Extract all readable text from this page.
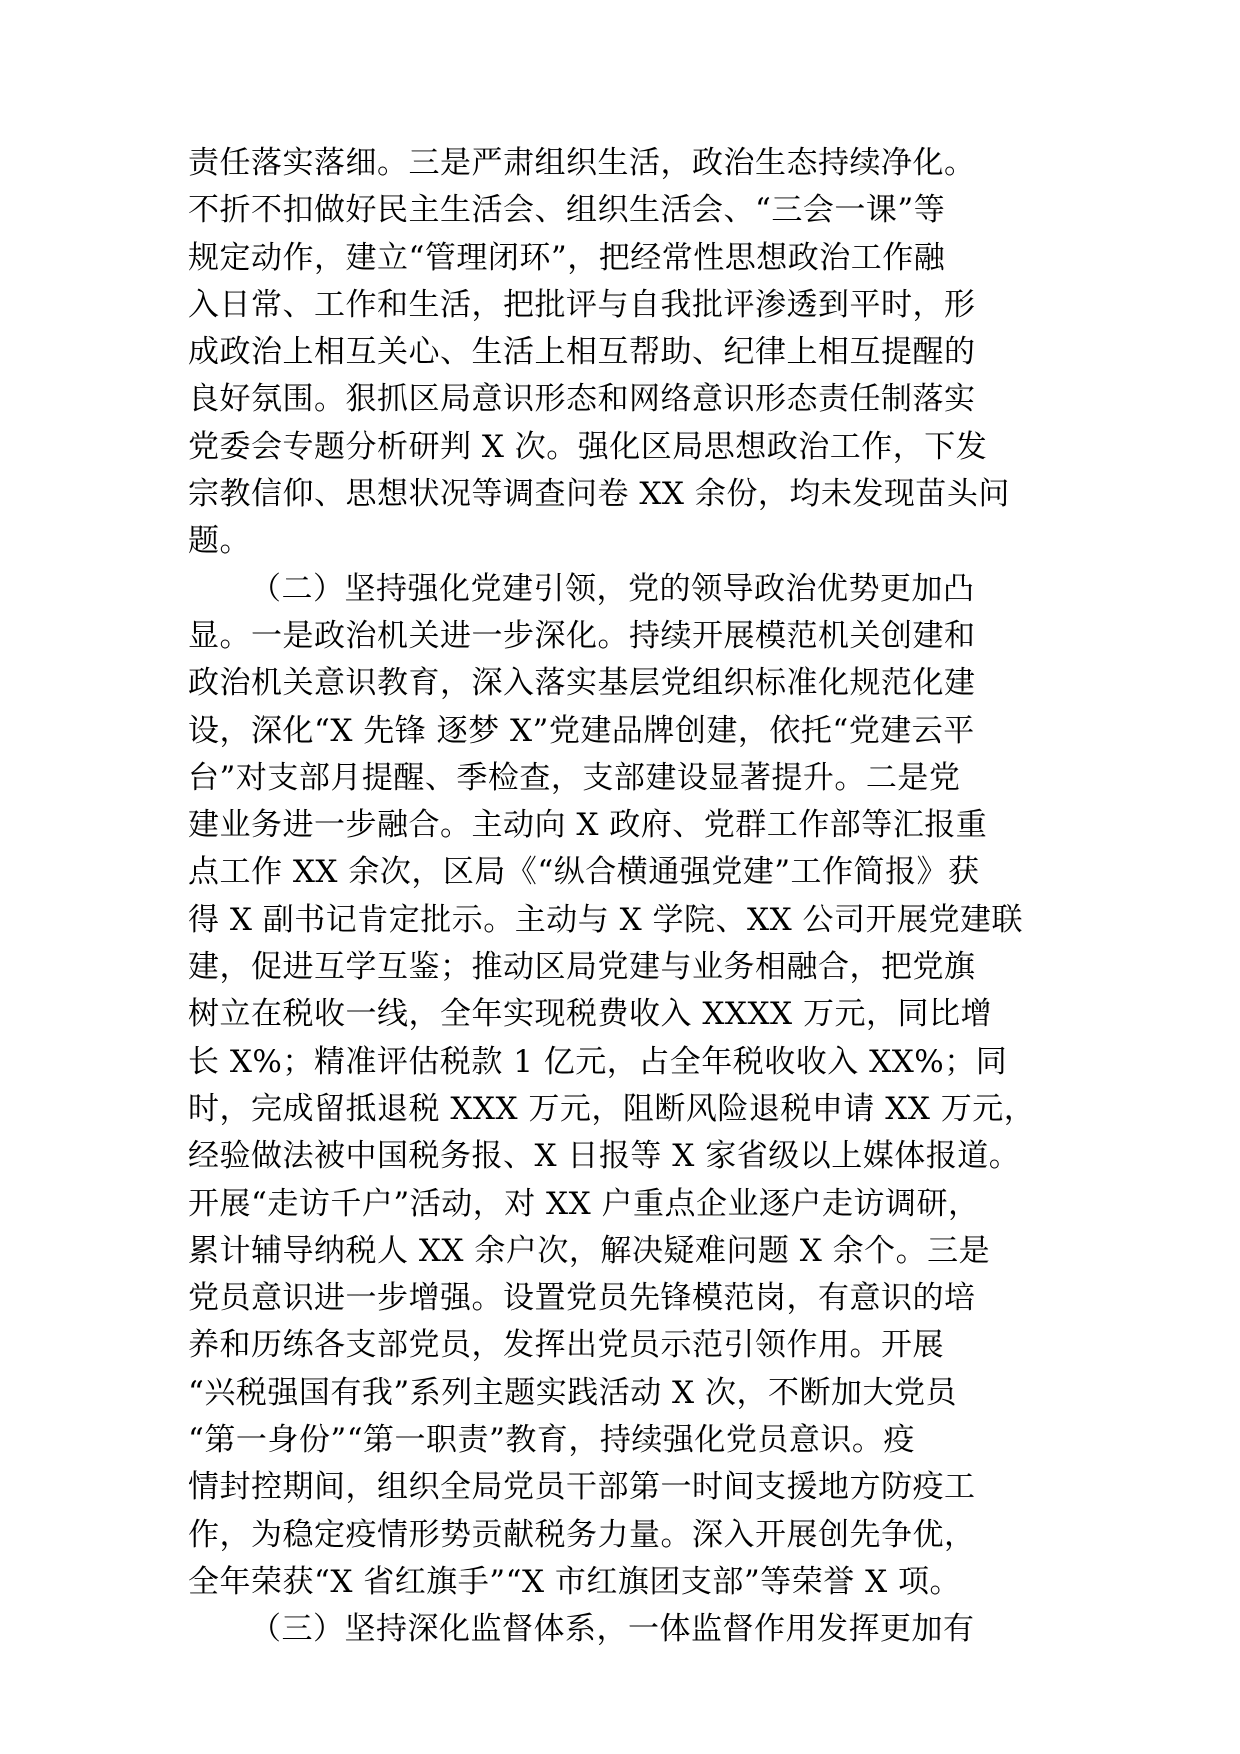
责任落实落细。三是严肃组织生活，政治生态持续净化。
不折不扣做好民主生活会、组织生活会、“三会一课”等
规定动作，建立“管理闭环”，把经常性思想政治工作融
入日常、工作和生活，把批评与自我批评渗透到平时，形
成政治上相互关心、生活上相互帮助、纪律上相互提醒的
良好氛围。狠抓区局意识形态和网络意识形态责任制落实
党委会专题分析研判 X 次。强化区局思想政治工作，下发
宗教信仰、思想状况等调查问卷 XX 余份，均未发现苗头问
题。
（二）坚持强化党建引领，党的领导政治优势更加凸
显。一是政治机关进一步深化。持续开展模范机关创建和
政治机关意识教育，深入落实基层党组织标准化规范化建
设，深化“X 先锋 逐梦 X”党建品牌创建，依托“党建云平
台”对支部月提醒、季检查，支部建设显著提升。二是党
建业务进一步融合。主动向 X 政府、党群工作部等汇报重
点工作 XX 余次，区局《“纵合横通强党建”工作简报》获
得 X 副书记肯定批示。主动与 X 学院、XX 公司开展党建联
建，促进互学互鉴；推动区局党建与业务相融合，把党旗
树立在税收一线，全年实现税费收入 XXXX 万元，同比增
长 X%；精准评估税款 1 亿元，占全年税收收入 XX%；同
时，完成留抵退税 XXX 万元，阻断风险退税申请 XX 万元，
经验做法被中国税务报、X 日报等 X 家省级以上媒体报道。
开展“走访千户”活动，对 XX 户重点企业逐户走访调研，
累计辅导纳税人 XX 余户次，解决疑难问题 X 余个。三是
党员意识进一步增强。设置党员先锋模范岗，有意识的培
养和历练各支部党员，发挥出党员示范引领作用。开展
“兴税强国有我”系列主题实践活动 X 次，不断加大党员
“第一身份”“第一职责”教育，持续强化党员意识。疫
情封控期间，组织全局党员干部第一时间支援地方防疫工
作，为稳定疫情形势贡献税务力量。深入开展创先争优，
全年荣获“X 省红旗手”“X 市红旗团支部”等荣誉 X 项。
（三）坚持深化监督体系，一体监督作用发挥更加有
